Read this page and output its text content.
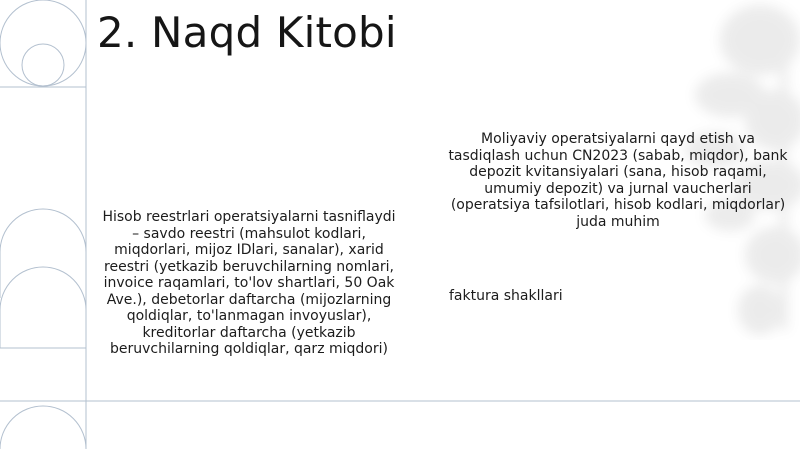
2. Naqd Kitobi
Hisob reestrlari operatsiyalarni tasniflaydi – savdo reestri (mahsulot kodlari, miqdorlari, mijoz IDlari, sanalar), xarid reestri (yetkazib beruvchilarning nomlari, invoice raqamlari, to'lov shartlari, 50 Oak Ave.), debetorlar daftarcha (mijozlarning qoldiqlar, to'lanmagan invoyuslar), kreditorlar daftarcha (yetkazib beruvchilarning qoldiqlar, qarz miqdori)
Moliyaviy operatsiyalarni qayd etish va tasdiqlash uchun CN2023 (sabab, miqdor), bank depozit kvitansiyalari (sana, hisob raqami, umumiy depozit) va jurnal vaucherlari (operatsiya tafsilotlari, hisob kodlari, miqdorlar) juda muhim
faktura shakllari
